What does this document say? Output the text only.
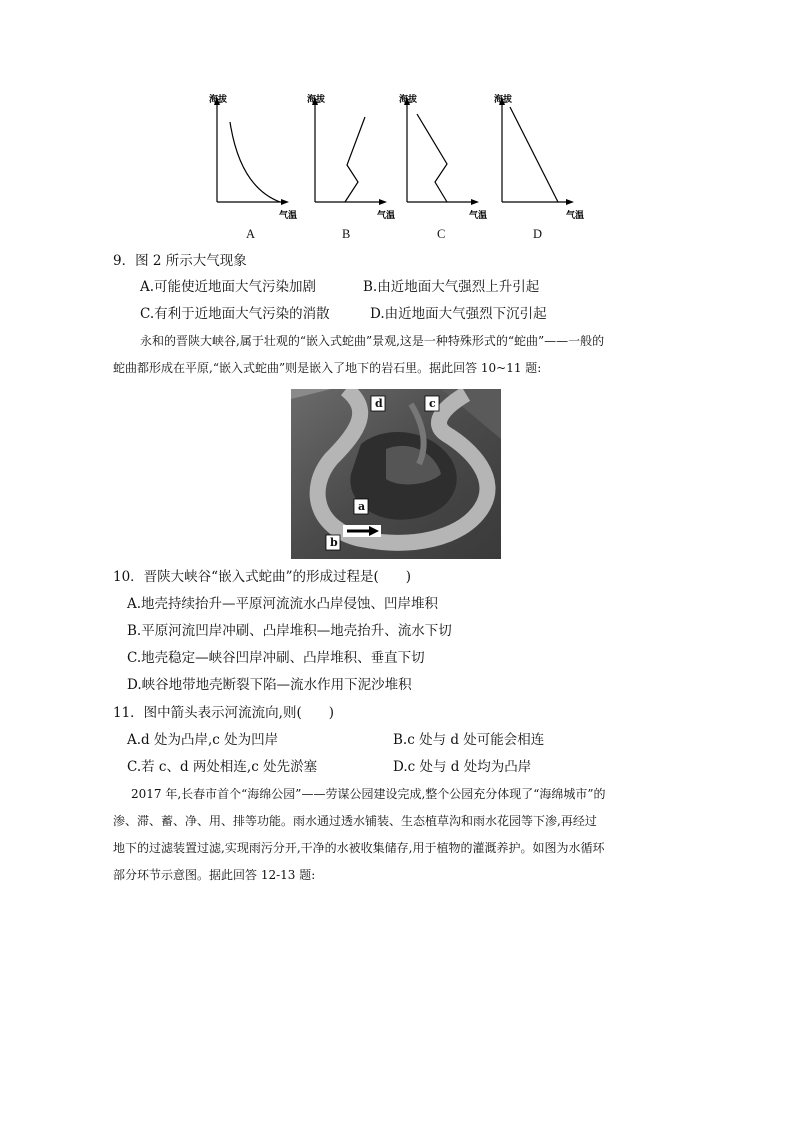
海拔
气温
海拔
气温
海拔
气温
海拔
气温
A	B	C	D
9．图 2 所示大气现象
A.可能使近地面大气污染加剧	B.由近地面大气强烈上升引起
C.有利于近地面大气污染的消散	D.由近地面大气强烈下沉引起
永和的晋陕大峡谷,属于壮观的“嵌入式蛇曲”景观,这是一种特殊形式的“蛇曲”——一般的
蛇曲都形成在平原,“嵌入式蛇曲”则是嵌入了地下的岩石里。据此回答 10~11 题:
d	c
a
b
10．晋陕大峡谷“嵌入式蛇曲”的形成过程是(　　)
A.地壳持续抬升—平原河流流水凸岸侵蚀、凹岸堆积
B.平原河流凹岸冲刷、凸岸堆积—地壳抬升、流水下切
C.地壳稳定—峡谷凹岸冲刷、凸岸堆积、垂直下切
D.峡谷地带地壳断裂下陷—流水作用下泥沙堆积
11．图中箭头表示河流流向,则(　　)
A.d 处为凸岸,c 处为凹岸	B.c 处与 d 处可能会相连
C.若 c、d 两处相连,c 处先淤塞	D.c 处与 d 处均为凸岸
2017 年,长春市首个“海绵公园”——劳谋公园建设完成,整个公园充分体现了“海绵城市”的
渗、滞、蓄、净、用、排等功能。雨水通过透水铺装、生态植草沟和雨水花园等下渗,再经过
地下的过滤装置过滤,实现雨污分开,干净的水被收集储存,用于植物的灌溉养护。如图为水循环
部分环节示意图。据此回答 12-13 题:
